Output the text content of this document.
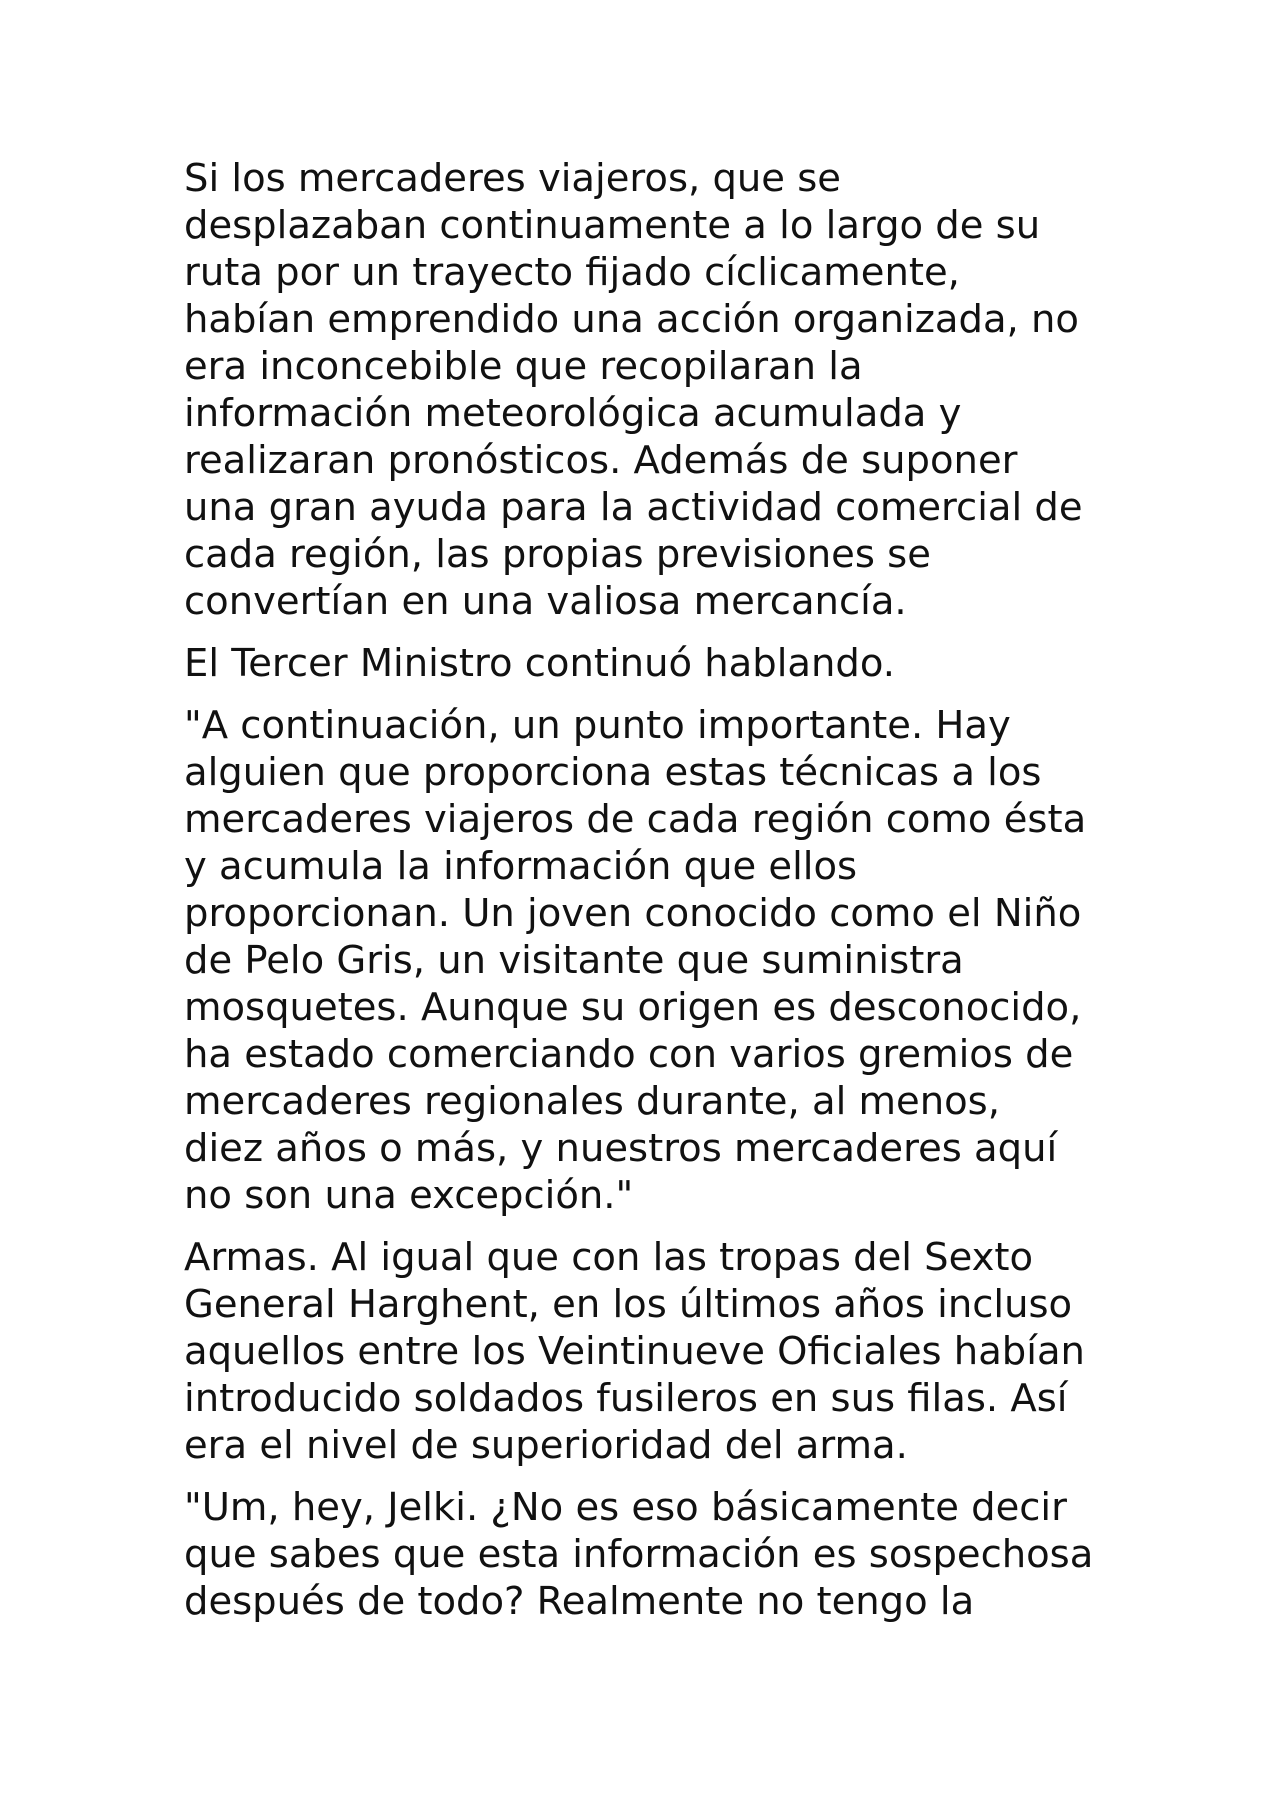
Si los mercaderes viajeros, que se
desplazaban continuamente a lo largo de su
ruta por un trayecto fijado cíclicamente,
habían emprendido una acción organizada, no
era inconcebible que recopilaran la
información meteorológica acumulada y
realizaran pronósticos. Además de suponer
una gran ayuda para la actividad comercial de
cada región, las propias previsiones se
convertían en una valiosa mercancía.

El Tercer Ministro continuó hablando.

"A continuación, un punto importante. Hay
alguien que proporciona estas técnicas a los
mercaderes viajeros de cada región como ésta
y acumula la información que ellos
proporcionan. Un joven conocido como el Niño
de Pelo Gris, un visitante que suministra
mosquetes. Aunque su origen es desconocido,
ha estado comerciando con varios gremios de
mercaderes regionales durante, al menos,
diez años o más, y nuestros mercaderes aquí
no son una excepción."

Armas. Al igual que con las tropas del Sexto
General Harghent, en los últimos años incluso
aquellos entre los Veintinueve Oficiales habían
introducido soldados fusileros en sus filas. Así
era el nivel de superioridad del arma.

"Um, hey, Jelki. ¿No es eso básicamente decir
que sabes que esta información es sospechosa
después de todo? Realmente no tengo la
